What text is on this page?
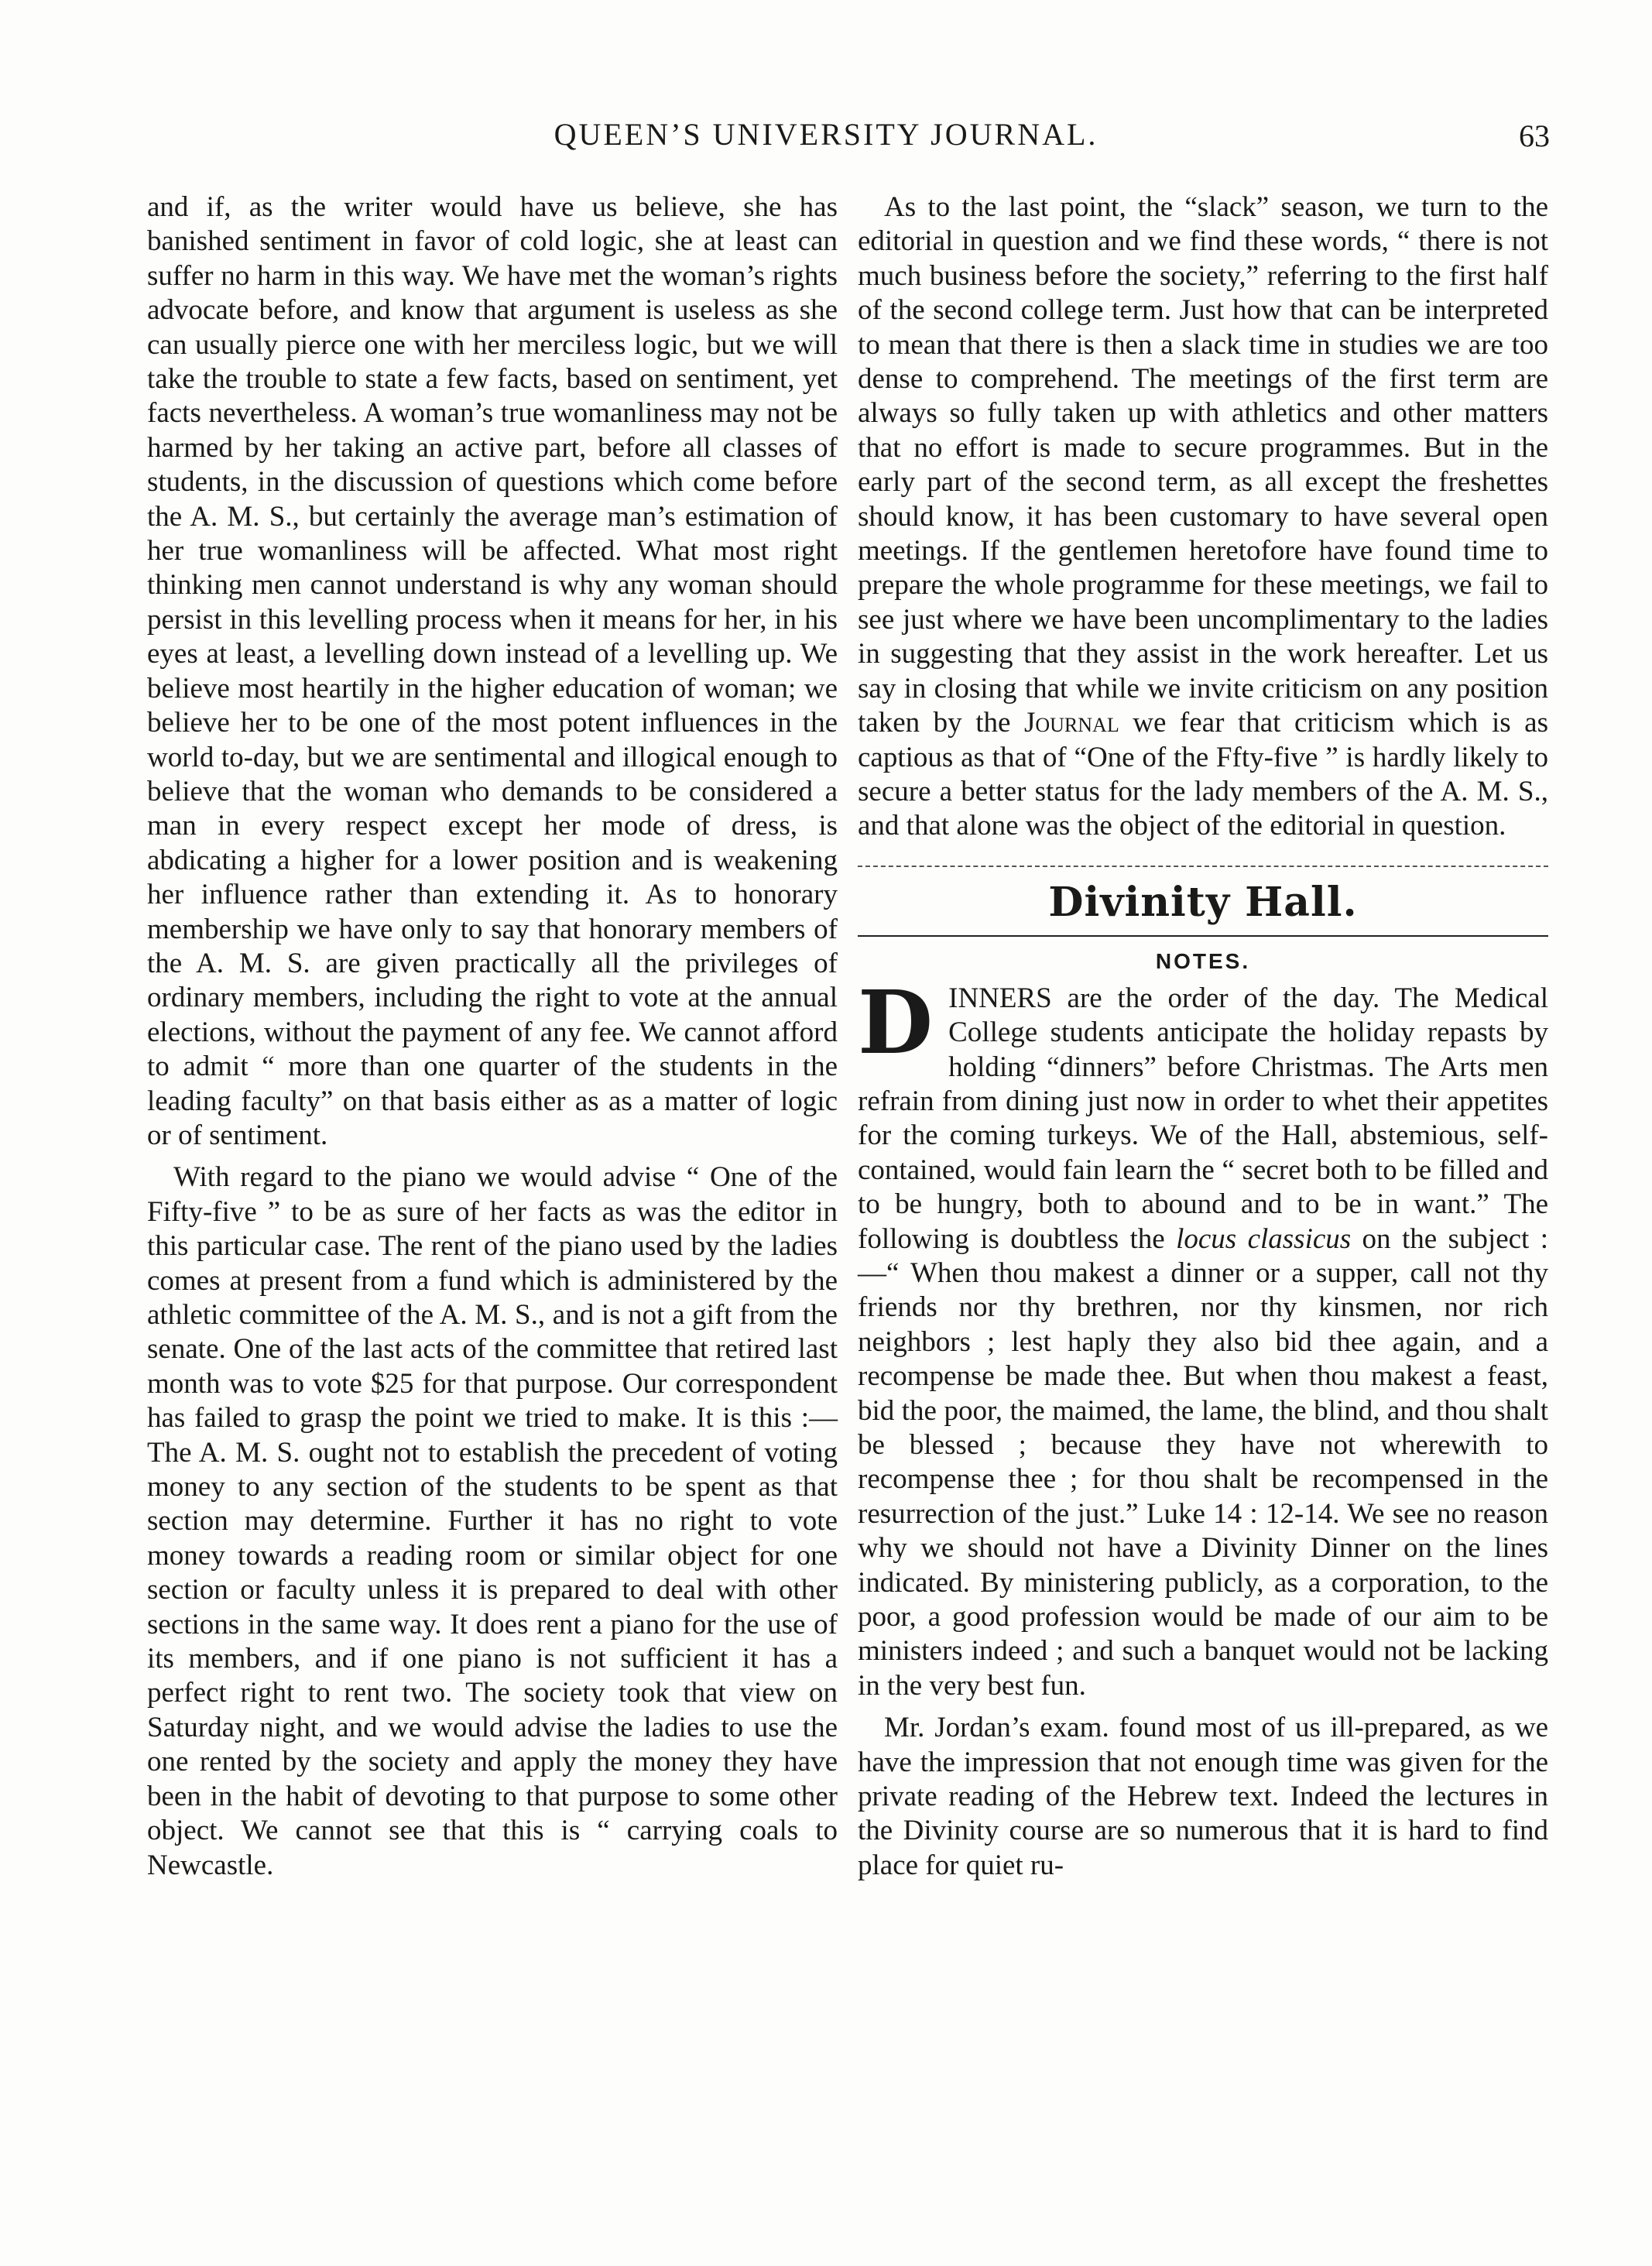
QUEEN’S UNIVERSITY JOURNAL.	63

and if, as the writer would have us believe, she has banished sentiment in favor of cold logic, she at least can suffer no harm in this way. We have met the woman’s rights advocate before, and know that argument is useless as she can usually pierce one with her merciless logic, but we will take the trouble to state a few facts, based on sentiment, yet facts nevertheless. A woman’s true womanliness may not be harmed by her taking an active part, before all classes of students, in the discussion of questions which come before the A. M. S., but certainly the average man’s estimation of her true womanliness will be affected. What most right thinking men cannot understand is why any woman should persist in this levelling process when it means for her, in his eyes at least, a levelling down instead of a levelling up. We believe most heartily in the higher education of woman; we believe her to be one of the most potent influences in the world to-day, but we are sentimental and illogical enough to believe that the woman who demands to be considered a man in every respect except her mode of dress, is abdicating a higher for a lower position and is weakening her influence rather than extending it. As to honorary membership we have only to say that honorary members of the A. M. S. are given practically all the privileges of ordinary members, including the right to vote at the annual elections, without the payment of any fee. We cannot afford to admit “ more than one quarter of the students in the leading faculty” on that basis either as as a matter of logic or of sentiment.

With regard to the piano we would advise “ One of the Fifty-five ” to be as sure of her facts as was the editor in this particular case. The rent of the piano used by the ladies comes at present from a fund which is administered by the athletic committee of the A. M. S., and is not a gift from the senate. One of the last acts of the committee that retired last month was to vote $25 for that purpose. Our correspondent has failed to grasp the point we tried to make. It is this :—The A. M. S. ought not to establish the precedent of voting money to any section of the students to be spent as that section may determine. Further it has no right to vote money towards a reading room or similar object for one section or faculty unless it is prepared to deal with other sections in the same way. It does rent a piano for the use of its members, and if one piano is not sufficient it has a perfect right to rent two. The society took that view on Saturday night, and we would advise the ladies to use the one rented by the society and apply the money they have been in the habit of devoting to that purpose to some other object. We cannot see that this is “ carrying coals to Newcastle.

As to the last point, the “slack” season, we turn to the editorial in question and we find these words, “ there is not much business before the society,” referring to the first half of the second college term. Just how that can be interpreted to mean that there is then a slack time in studies we are too dense to comprehend. The meetings of the first term are always so fully taken up with athletics and other matters that no effort is made to secure programmes. But in the early part of the second term, as all except the freshettes should know, it has been customary to have several open meetings. If the gentlemen heretofore have found time to prepare the whole programme for these meetings, we fail to see just where we have been uncomplimentary to the ladies in suggesting that they assist in the work hereafter. Let us say in closing that while we invite criticism on any position taken by the Journal we fear that criticism which is as captious as that of “One of the Ffty-five ” is hardly likely to secure a better status for the lady members of the A. M. S., and that alone was the object of the editorial in question.

Divinity Hall.
NOTES.

DINNERS are the order of the day. The Medical College students anticipate the holiday repasts by holding “dinners” before Christmas. The Arts men refrain from dining just now in order to whet their appetites for the coming turkeys. We of the Hall, abstemious, self-contained, would fain learn the “ secret both to be filled and to be hungry, both to abound and to be in want.” The following is doubtless the locus classicus on the subject :—“ When thou makest a dinner or a supper, call not thy friends nor thy brethren, nor thy kinsmen, nor rich neighbors ; lest haply they also bid thee again, and a recompense be made thee. But when thou makest a feast, bid the poor, the maimed, the lame, the blind, and thou shalt be blessed ; because they have not wherewith to recompense thee ; for thou shalt be recompensed in the resurrection of the just.” Luke 14 : 12-14. We see no reason why we should not have a Divinity Dinner on the lines indicated. By ministering publicly, as a corporation, to the poor, a good profession would be made of our aim to be ministers indeed ; and such a banquet would not be lacking in the very best fun.

Mr. Jordan’s exam. found most of us ill-prepared, as we have the impression that not enough time was given for the private reading of the Hebrew text. Indeed the lectures in the Divinity course are so numerous that it is hard to find place for quiet ru-
